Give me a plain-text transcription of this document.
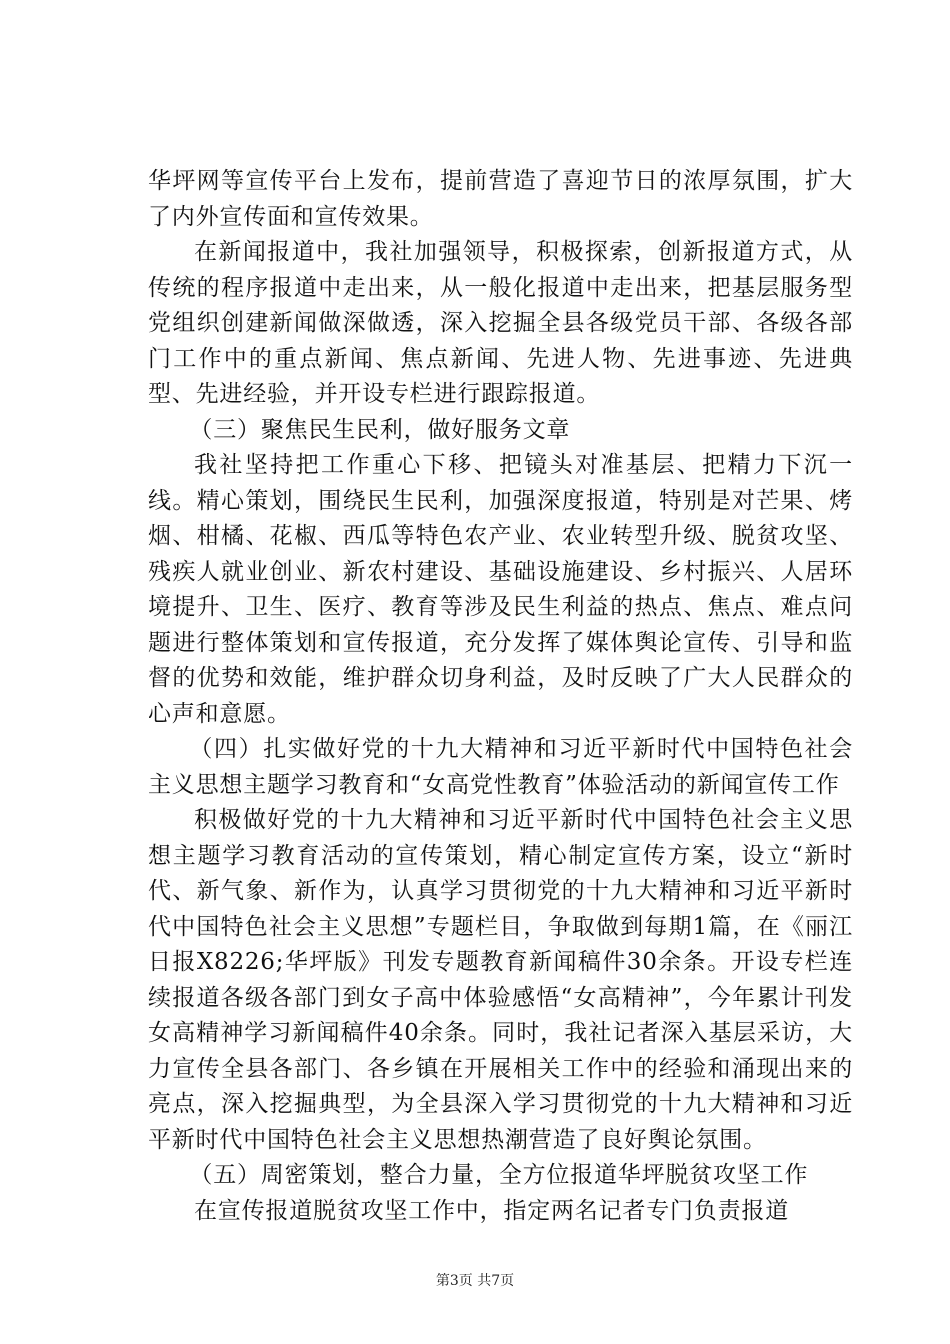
华坪网等宣传平台上发布，提前营造了喜迎节日的浓厚氛围，扩大了内外宣传面和宣传效果。

在新闻报道中，我社加强领导，积极探索，创新报道方式，从传统的程序报道中走出来，从一般化报道中走出来，把基层服务型党组织创建新闻做深做透，深入挖掘全县各级党员干部、各级各部门工作中的重点新闻、焦点新闻、先进人物、先进事迹、先进典型、先进经验，并开设专栏进行跟踪报道。

（三）聚焦民生民利，做好服务文章

我社坚持把工作重心下移、把镜头对准基层、把精力下沉一线。精心策划，围绕民生民利，加强深度报道，特别是对芒果、烤烟、柑橘、花椒、西瓜等特色农产业、农业转型升级、脱贫攻坚、残疾人就业创业、新农村建设、基础设施建设、乡村振兴、人居环境提升、卫生、医疗、教育等涉及民生利益的热点、焦点、难点问题进行整体策划和宣传报道，充分发挥了媒体舆论宣传、引导和监督的优势和效能，维护群众切身利益，及时反映了广大人民群众的心声和意愿。

（四）扎实做好党的十九大精神和习近平新时代中国特色社会主义思想主题学习教育和“女高党性教育”体验活动的新闻宣传工作

积极做好党的十九大精神和习近平新时代中国特色社会主义思想主题学习教育活动的宣传策划，精心制定宣传方案，设立“新时代、新气象、新作为，认真学习贯彻党的十九大精神和习近平新时代中国特色社会主义思想”专题栏目，争取做到每期1篇，在《丽江日报X8226;华坪版》刊发专题教育新闻稿件30余条。开设专栏连续报道各级各部门到女子高中体验感悟“女高精神”，今年累计刊发女高精神学习新闻稿件40余条。同时，我社记者深入基层采访，大力宣传全县各部门、各乡镇在开展相关工作中的经验和涌现出来的亮点，深入挖掘典型，为全县深入学习贯彻党的十九大精神和习近平新时代中国特色社会主义思想热潮营造了良好舆论氛围。

（五）周密策划，整合力量，全方位报道华坪脱贫攻坚工作

在宣传报道脱贫攻坚工作中，指定两名记者专门负责报道

第3页 共7页
